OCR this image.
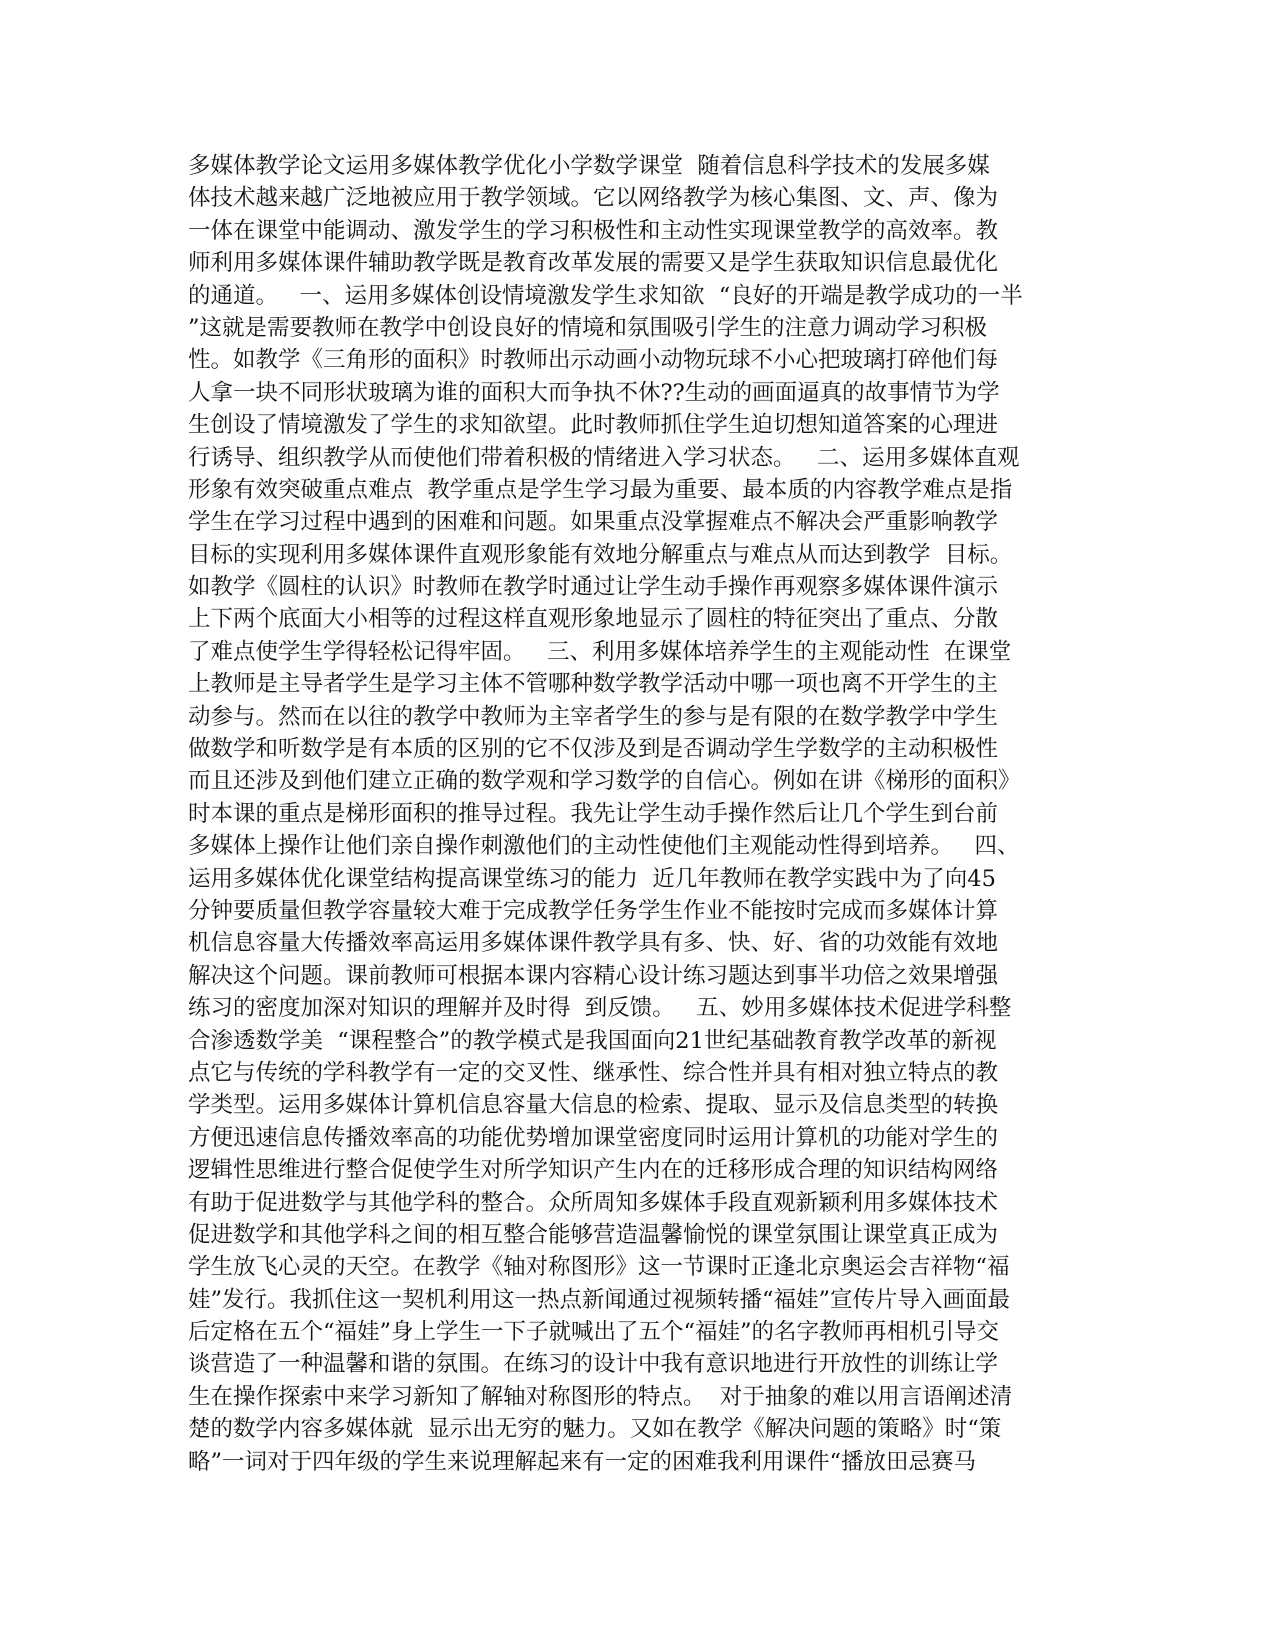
多媒体教学论文运用多媒体教学优化小学数学课堂  随着信息科学技术的发展多媒
体技术越来越广泛地被应用于教学领域。它以网络教学为核心集图、文、声、像为
一体在课堂中能调动、激发学生的学习积极性和主动性实现课堂教学的高效率。教
师利用多媒体课件辅助教学既是教育改革发展的需要又是学生获取知识信息最优化
的通道。   一、运用多媒体创设情境激发学生求知欲  “良好的开端是教学成功的一半
”这就是需要教师在教学中创设良好的情境和氛围吸引学生的注意力调动学习积极
性。如教学《三角形的面积》时教师出示动画小动物玩球不小心把玻璃打碎他们每
人拿一块不同形状玻璃为谁的面积大而争执不休??生动的画面逼真的故事情节为学
生创设了情境激发了学生的求知欲望。此时教师抓住学生迫切想知道答案的心理进
行诱导、组织教学从而使他们带着积极的情绪进入学习状态。   二、运用多媒体直观
形象有效突破重点难点  教学重点是学生学习最为重要、最本质的内容教学难点是指
学生在学习过程中遇到的困难和问题。如果重点没掌握难点不解决会严重影响教学
目标的实现利用多媒体课件直观形象能有效地分解重点与难点从而达到教学  目标。
如教学《圆柱的认识》时教师在教学时通过让学生动手操作再观察多媒体课件演示
上下两个底面大小相等的过程这样直观形象地显示了圆柱的特征突出了重点、分散
了难点使学生学得轻松记得牢固。   三、利用多媒体培养学生的主观能动性  在课堂
上教师是主导者学生是学习主体不管哪种数学教学活动中哪一项也离不开学生的主
动参与。然而在以往的教学中教师为主宰者学生的参与是有限的在数学教学中学生
做数学和听数学是有本质的区别的它不仅涉及到是否调动学生学数学的主动积极性
而且还涉及到他们建立正确的数学观和学习数学的自信心。例如在讲《梯形的面积》
时本课的重点是梯形面积的推导过程。我先让学生动手操作然后让几个学生到台前
多媒体上操作让他们亲自操作刺激他们的主动性使他们主观能动性得到培养。   四、
运用多媒体优化课堂结构提高课堂练习的能力  近几年教师在教学实践中为了向45
分钟要质量但教学容量较大难于完成教学任务学生作业不能按时完成而多媒体计算
机信息容量大传播效率高运用多媒体课件教学具有多、快、好、省的功效能有效地
解决这个问题。课前教师可根据本课内容精心设计练习题达到事半功倍之效果增强
练习的密度加深对知识的理解并及时得  到反馈。   五、妙用多媒体技术促进学科整
合渗透数学美  “课程整合”的教学模式是我国面向21世纪基础教育教学改革的新视
点它与传统的学科教学有一定的交叉性、继承性、综合性并具有相对独立特点的教
学类型。运用多媒体计算机信息容量大信息的检索、提取、显示及信息类型的转换
方便迅速信息传播效率高的功能优势增加课堂密度同时运用计算机的功能对学生的
逻辑性思维进行整合促使学生对所学知识产生内在的迁移形成合理的知识结构网络
有助于促进数学与其他学科的整合。众所周知多媒体手段直观新颖利用多媒体技术
促进数学和其他学科之间的相互整合能够营造温馨愉悦的课堂氛围让课堂真正成为
学生放飞心灵的天空。在教学《轴对称图形》这一节课时正逢北京奥运会吉祥物“福
娃”发行。我抓住这一契机利用这一热点新闻通过视频转播“福娃”宣传片导入画面最
后定格在五个“福娃”身上学生一下子就喊出了五个“福娃”的名字教师再相机引导交
谈营造了一种温馨和谐的氛围。在练习的设计中我有意识地进行开放性的训练让学
生在操作探索中来学习新知了解轴对称图形的特点。  对于抽象的难以用言语阐述清
楚的数学内容多媒体就  显示出无穷的魅力。又如在教学《解决问题的策略》时“策
略”一词对于四年级的学生来说理解起来有一定的困难我利用课件“播放田忌赛马
